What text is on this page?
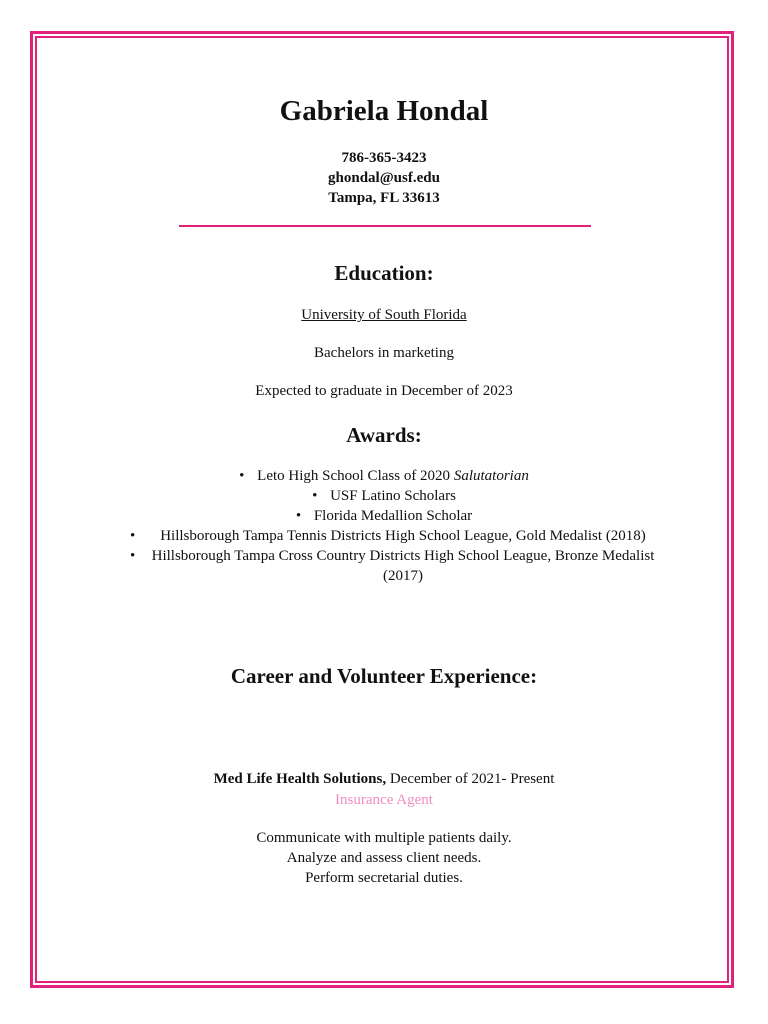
Gabriela Hondal
786-365-3423
ghondal@usf.edu
Tampa, FL 33613
Education:
University of South Florida
Bachelors in marketing
Expected to graduate in December of 2023
Awards:
• Leto High School Class of 2020 Salutatorian
• USF Latino Scholars
• Florida Medallion Scholar
•	Hillsborough Tampa Tennis Districts High School League, Gold Medalist (2018)
•	Hillsborough Tampa Cross Country Districts High School League, Bronze Medalist (2017)
Career and Volunteer Experience:
Med Life Health Solutions, December of 2021- Present
Insurance Agent
Communicate with multiple patients daily.
Analyze and assess client needs.
Perform secretarial duties.
